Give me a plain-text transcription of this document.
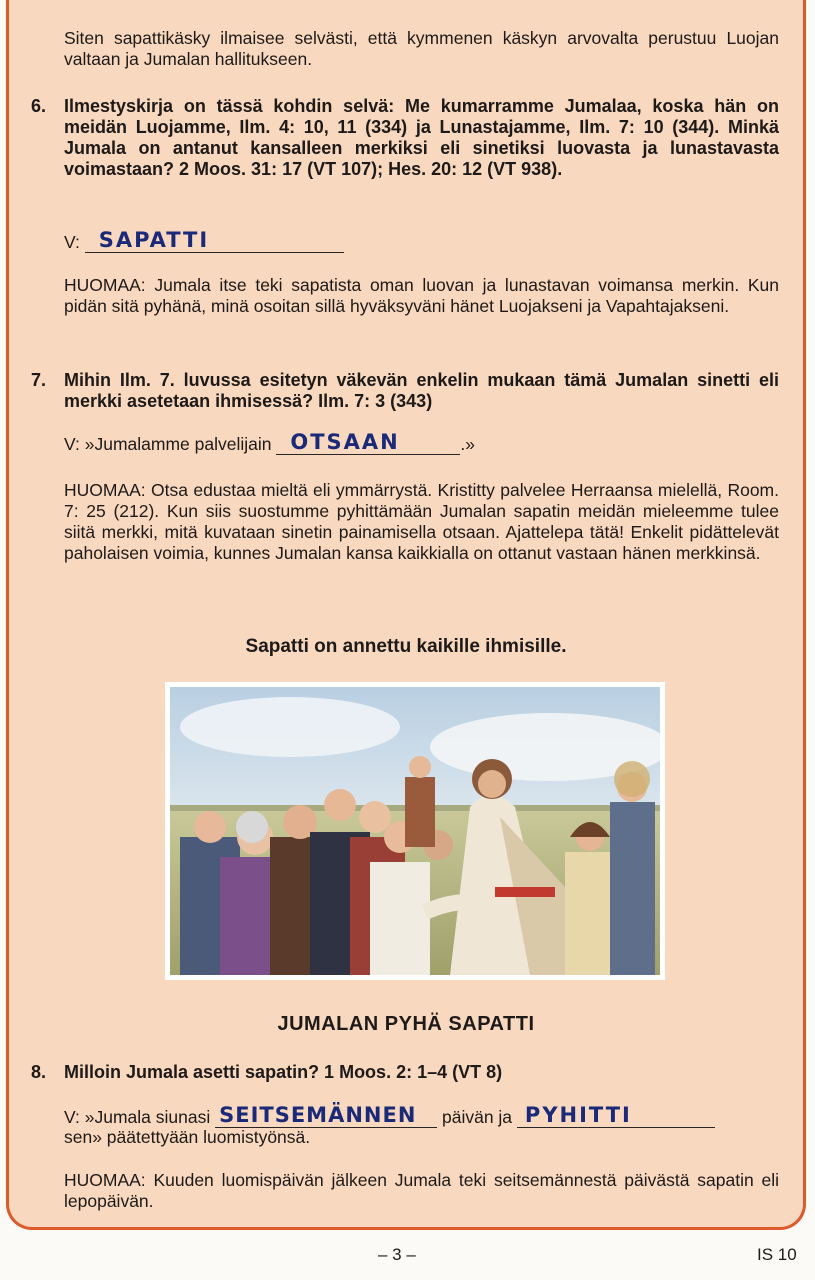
Siten sapattikäsky ilmaisee selvästi, että kymmenen käskyn arvovalta perustuu Luojan valtaan ja Jumalan hallitukseen.
6. Ilmestyskirja on tässä kohdin selvä: Me kumarramme Jumalaa, koska hän on meidän Luojamme, Ilm. 4: 10, 11 (334) ja Lunastajamme, Ilm. 7: 10 (344). Minkä Jumala on antanut kansalleen merkiksi eli sinetiksi luovasta ja lunastavasta voimastaan? 2 Moos. 31: 17 (VT 107); Hes. 20: 12 (VT 938).
V: SAPATTI
HUOMAA: Jumala itse teki sapatista oman luovan ja lunastavan voimansa merkin. Kun pidän sitä pyhänä, minä osoitan sillä hyväksyväni hänet Luojakseni ja Vapahtajakseni.
7. Mihin Ilm. 7. luvussa esitetyn väkevän enkelin mukaan tämä Jumalan sinetti eli merkki asetetaan ihmisessä? Ilm. 7: 3 (343)
V: »Jumalamme palvelijain OTSAAN	.»
HUOMAA: Otsa edustaa mieltä eli ymmärrystä. Kristitty palvelee Herraansa mielellä, Room. 7: 25 (212). Kun siis suostumme pyhittämään Jumalan sapatin meidän mieleemme tulee siitä merkki, mitä kuvataan sinetin painamisella otsaan. Ajattelepa tätä! Enkelit pidättelevät paholaisen voimia, kunnes Jumalan kansa kaikkialla on ottanut vastaan hänen merkkinsä.
Sapatti on annettu kaikille ihmisille.
JUMALAN PYHÄ SAPATTI
8. Milloin Jumala asetti sapatin? 1 Moos. 2: 1–4 (VT 8)
V: »Jumala siunasi SEITSEMÄNNEN päivän ja PYHITTI
sen» päätettyään luomistyönsä.
HUOMAA: Kuuden luomispäivän jälkeen Jumala teki seitsemännestä päivästä sapatin eli lepopäivän.
– 3 –	IS 10
